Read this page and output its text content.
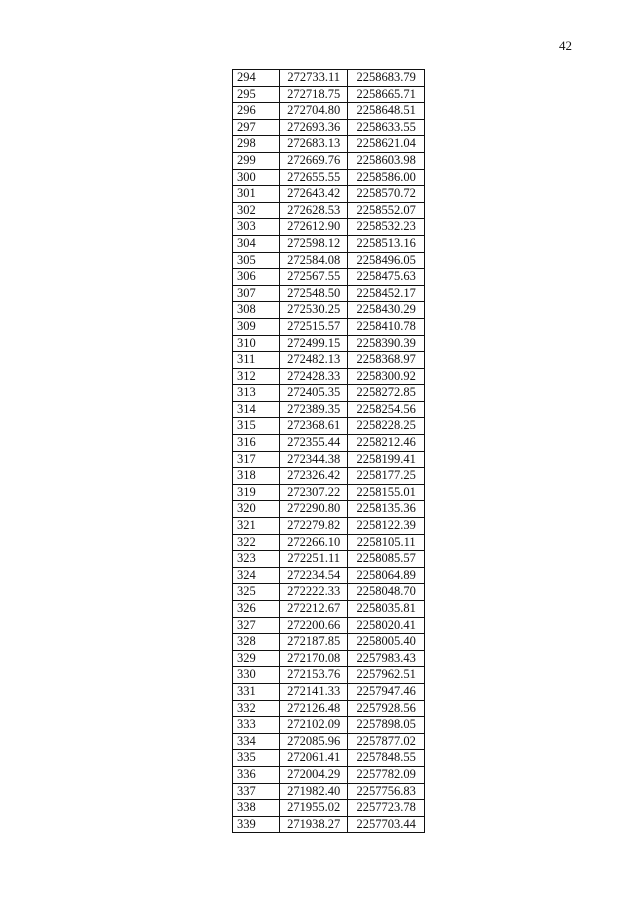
42
294	272733.11	2258683.79
295	272718.75	2258665.71
296	272704.80	2258648.51
297	272693.36	2258633.55
298	272683.13	2258621.04
299	272669.76	2258603.98
300	272655.55	2258586.00
301	272643.42	2258570.72
302	272628.53	2258552.07
303	272612.90	2258532.23
304	272598.12	2258513.16
305	272584.08	2258496.05
306	272567.55	2258475.63
307	272548.50	2258452.17
308	272530.25	2258430.29
309	272515.57	2258410.78
310	272499.15	2258390.39
311	272482.13	2258368.97
312	272428.33	2258300.92
313	272405.35	2258272.85
314	272389.35	2258254.56
315	272368.61	2258228.25
316	272355.44	2258212.46
317	272344.38	2258199.41
318	272326.42	2258177.25
319	272307.22	2258155.01
320	272290.80	2258135.36
321	272279.82	2258122.39
322	272266.10	2258105.11
323	272251.11	2258085.57
324	272234.54	2258064.89
325	272222.33	2258048.70
326	272212.67	2258035.81
327	272200.66	2258020.41
328	272187.85	2258005.40
329	272170.08	2257983.43
330	272153.76	2257962.51
331	272141.33	2257947.46
332	272126.48	2257928.56
333	272102.09	2257898.05
334	272085.96	2257877.02
335	272061.41	2257848.55
336	272004.29	2257782.09
337	271982.40	2257756.83
338	271955.02	2257723.78
339	271938.27	2257703.44
